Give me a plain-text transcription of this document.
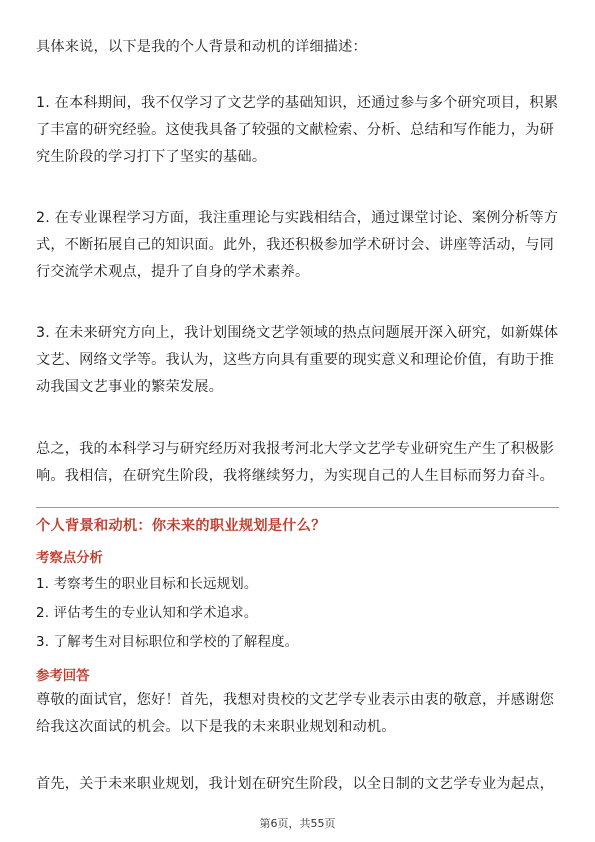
具体来说，以下是我的个人背景和动机的详细描述：

1. 在本科期间，我不仅学习了文艺学的基础知识，还通过参与多个研究项目，积累了丰富的研究经验。这使我具备了较强的文献检索、分析、总结和写作能力，为研究生阶段的学习打下了坚实的基础。

2. 在专业课程学习方面，我注重理论与实践相结合，通过课堂讨论、案例分析等方式，不断拓展自己的知识面。此外，我还积极参加学术研讨会、讲座等活动，与同行交流学术观点，提升了自身的学术素养。

3. 在未来研究方向上，我计划围绕文艺学领域的热点问题展开深入研究，如新媒体文艺、网络文学等。我认为，这些方向具有重要的现实意义和理论价值，有助于推动我国文艺事业的繁荣发展。

总之，我的本科学习与研究经历对我报考河北大学文艺学专业研究生产生了积极影响。我相信，在研究生阶段，我将继续努力，为实现自己的人生目标而努力奋斗。

个人背景和动机：你未来的职业规划是什么？

考察点分析

1. 考察考生的职业目标和长远规划。

2. 评估考生的专业认知和学术追求。

3. 了解考生对目标职位和学校的了解程度。

参考回答

尊敬的面试官，您好！首先，我想对贵校的文艺学专业表示由衷的敬意，并感谢您给我这次面试的机会。以下是我的未来职业规划和动机。

首先，关于未来职业规划，我计划在研究生阶段，以全日制的文艺学专业为起点，

第6页，共55页
